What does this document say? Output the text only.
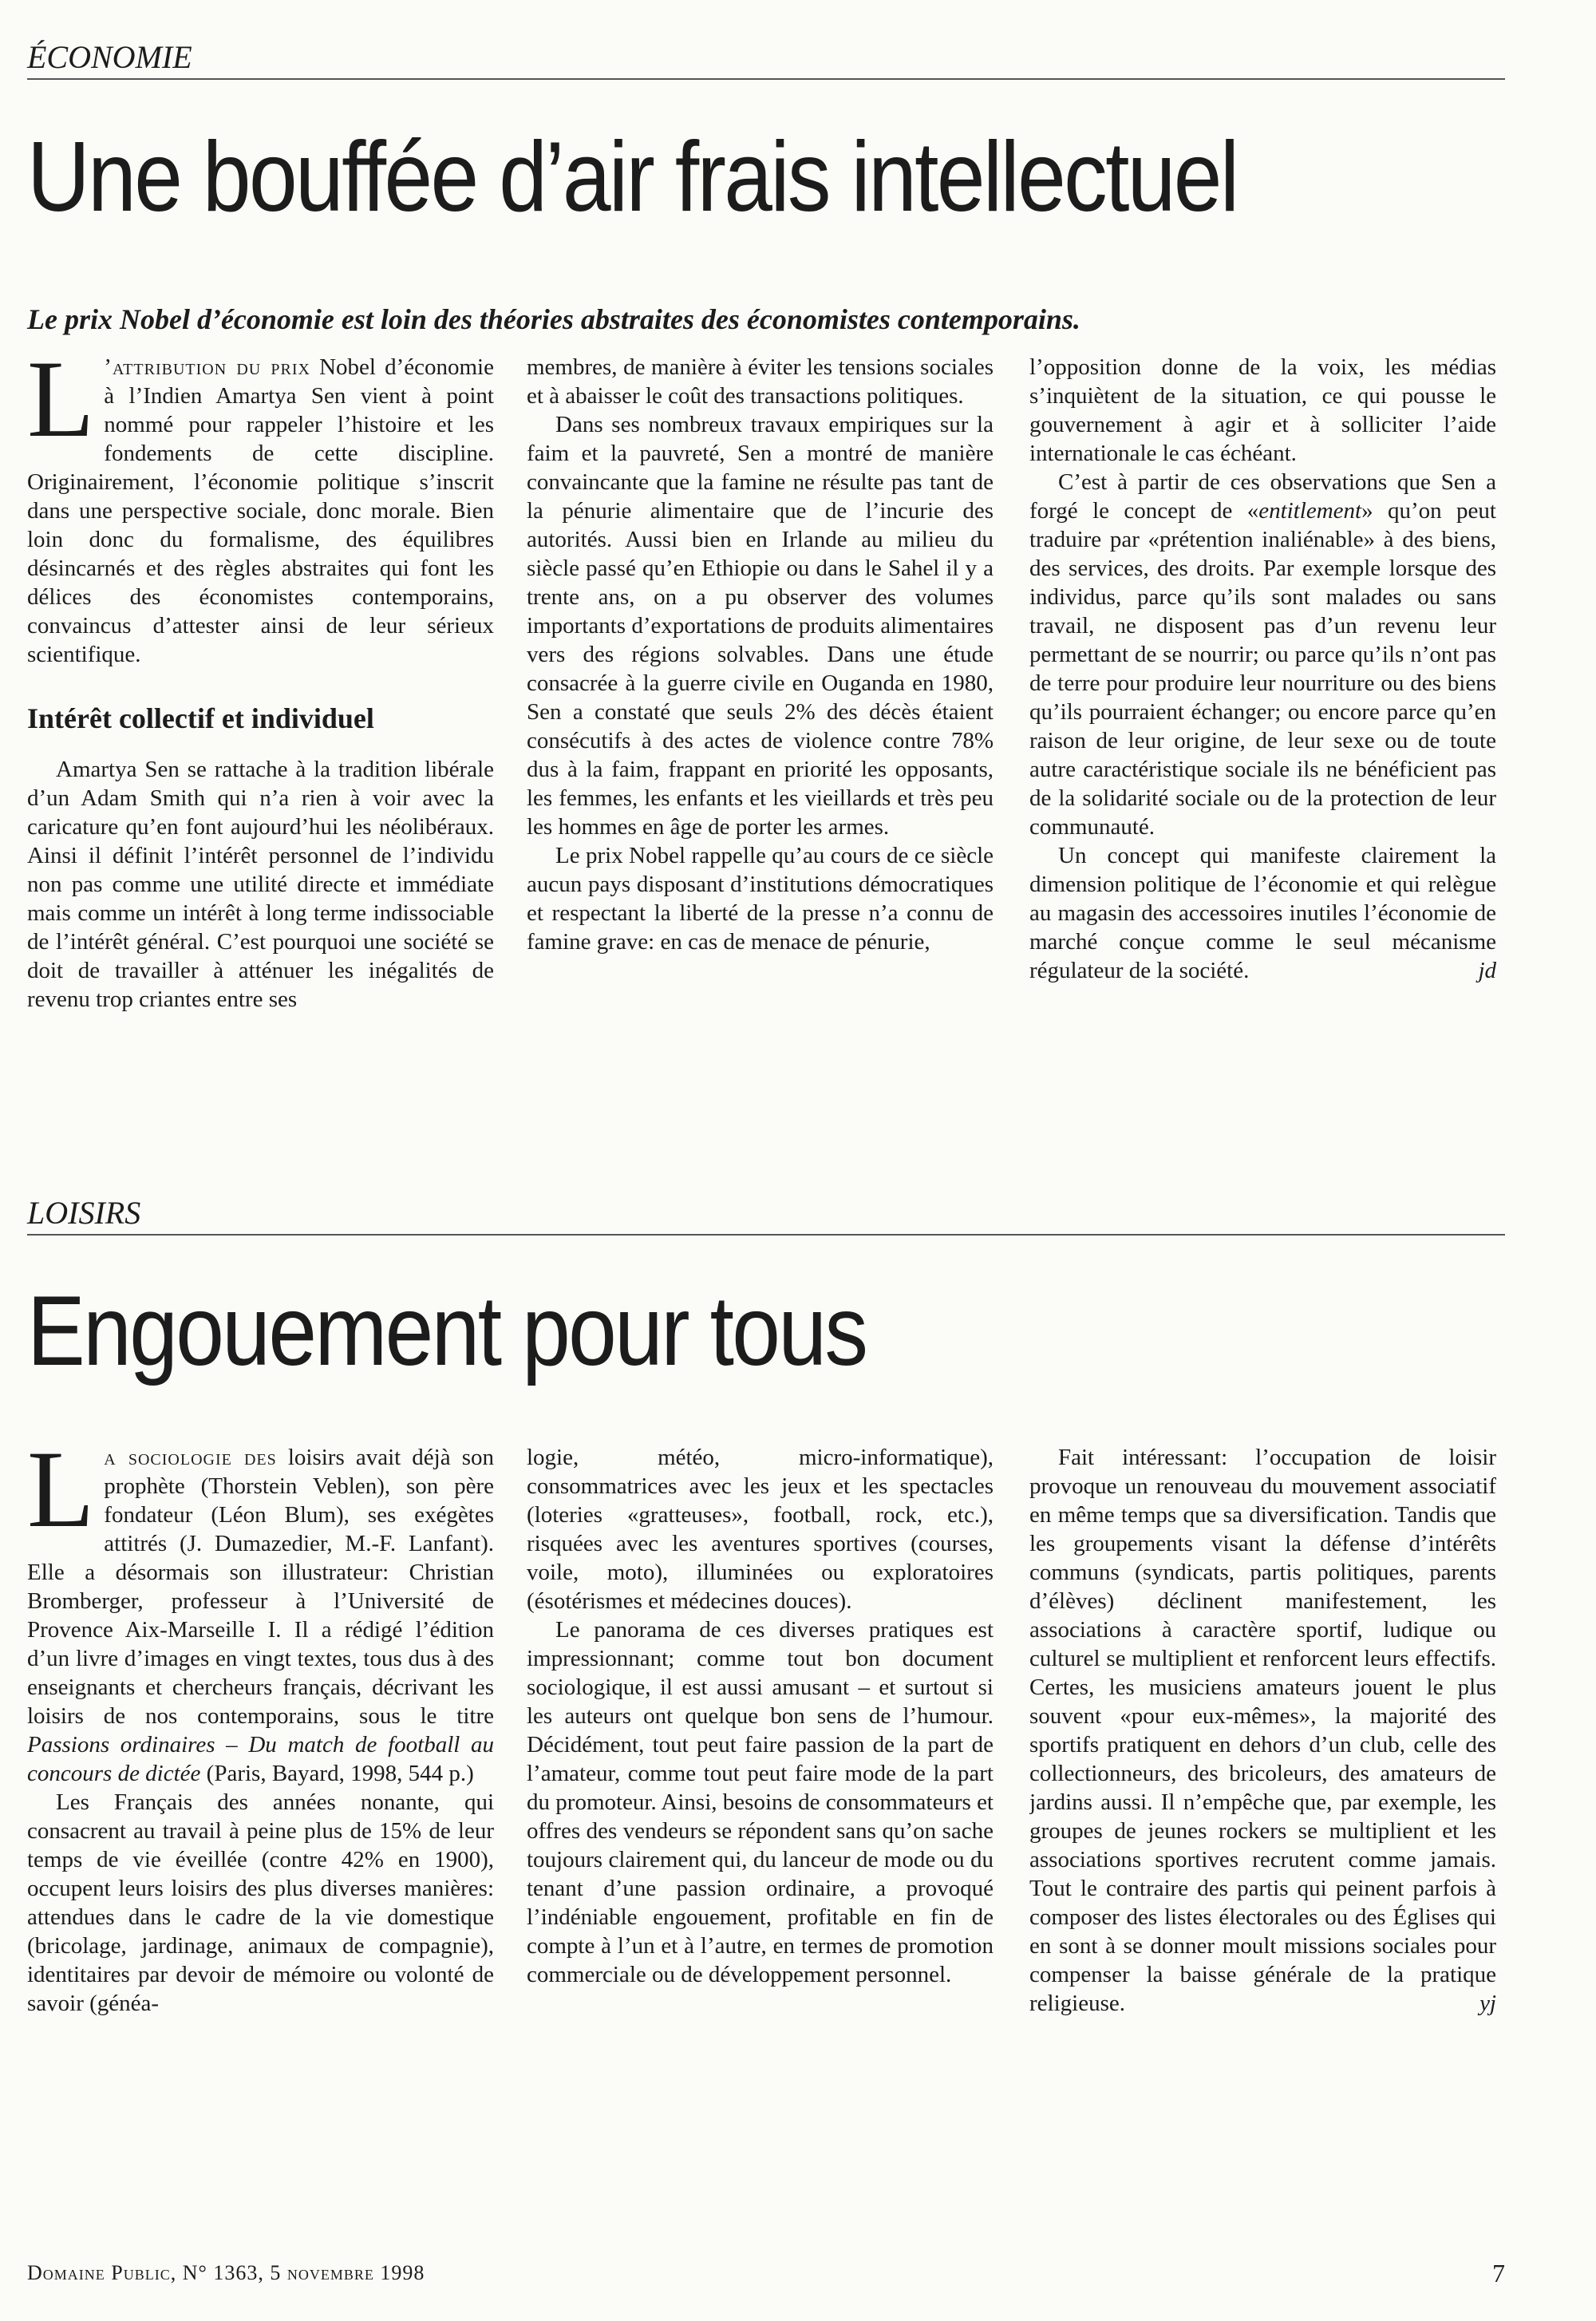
ÉCONOMIE
Une bouffée d’air frais intellectuel
Le prix Nobel d’économie est loin des théories abstraites des économistes contemporains.

L ’attribution du prix Nobel d’économie à l’Indien Amartya Sen vient à point nommé pour rappeler l’histoire et les fondements de cette discipline. Originairement, l’économie politique s’inscrit dans une perspective sociale, donc morale. Bien loin donc du formalisme, des équilibres désincarnés et des règles abstraites qui font les délices des économistes contemporains, convaincus d’attester ainsi de leur sérieux scientifique.

Intérêt collectif et individuel

Amartya Sen se rattache à la tradition libérale d’un Adam Smith qui n’a rien à voir avec la caricature qu’en font aujourd’hui les néolibéraux. Ainsi il définit l’intérêt personnel de l’individu non pas comme une utilité directe et immédiate mais comme un intérêt à long terme indissociable de l’intérêt général. C’est pourquoi une société se doit de travailler à atténuer les inégalités de revenu trop criantes entre ses

membres, de manière à éviter les tensions sociales et à abaisser le coût des transactions politiques.

Dans ses nombreux travaux empiriques sur la faim et la pauvreté, Sen a montré de manière convaincante que la famine ne résulte pas tant de la pénurie alimentaire que de l’incurie des autorités. Aussi bien en Irlande au milieu du siècle passé qu’en Ethiopie ou dans le Sahel il y a trente ans, on a pu observer des volumes importants d’exportations de produits alimentaires vers des régions solvables. Dans une étude consacrée à la guerre civile en Ouganda en 1980, Sen a constaté que seuls 2% des décès étaient consécutifs à des actes de violence contre 78% dus à la faim, frappant en priorité les opposants, les femmes, les enfants et les vieillards et très peu les hommes en âge de porter les armes.

Le prix Nobel rappelle qu’au cours de ce siècle aucun pays disposant d’institutions démocratiques et respectant la liberté de la presse n’a connu de famine grave: en cas de menace de pénurie,

l’opposition donne de la voix, les médias s’inquiètent de la situation, ce qui pousse le gouvernement à agir et à solliciter l’aide internationale le cas échéant.

C’est à partir de ces observations que Sen a forgé le concept de «entitlement» qu’on peut traduire par «prétention inaliénable» à des biens, des services, des droits. Par exemple lorsque des individus, parce qu’ils sont malades ou sans travail, ne disposent pas d’un revenu leur permettant de se nourrir; ou parce qu’ils n’ont pas de terre pour produire leur nourriture ou des biens qu’ils pourraient échanger; ou encore parce qu’en raison de leur origine, de leur sexe ou de toute autre caractéristique sociale ils ne bénéficient pas de la solidarité sociale ou de la protection de leur communauté.

Un concept qui manifeste clairement la dimension politique de l’économie et qui relègue au magasin des accessoires inutiles l’économie de marché conçue comme le seul mécanisme régulateur de la société.	jd

LOISIRS
Engouement pour tous

La sociologie des loisirs avait déjà son prophète (Thorstein Veblen), son père fondateur (Léon Blum), ses exégètes attitrés (J. Dumazedier, M.-F. Lanfant). Elle a désormais son illustrateur: Christian Bromberger, professeur à l’Université de Provence Aix-Marseille I. Il a rédigé l’édition d’un livre d’images en vingt textes, tous dus à des enseignants et chercheurs français, décrivant les loisirs de nos contemporains, sous le titre Passions ordinaires – Du match de football au concours de dictée (Paris, Bayard, 1998, 544 p.)

Les Français des années nonante, qui consacrent au travail à peine plus de 15% de leur temps de vie éveillée (contre 42% en 1900), occupent leurs loisirs des plus diverses manières: attendues dans le cadre de la vie domestique (bricolage, jardinage, animaux de compagnie), identitaires par devoir de mémoire ou volonté de savoir (généa-

logie, météo, micro-informatique), consommatrices avec les jeux et les spectacles (loteries «gratteuses», football, rock, etc.), risquées avec les aventures sportives (courses, voile, moto), illuminées ou exploratoires (ésotérismes et médecines douces).

Le panorama de ces diverses pratiques est impressionnant; comme tout bon document sociologique, il est aussi amusant – et surtout si les auteurs ont quelque bon sens de l’humour. Décidément, tout peut faire passion de la part de l’amateur, comme tout peut faire mode de la part du promoteur. Ainsi, besoins de consommateurs et offres des vendeurs se répondent sans qu’on sache toujours clairement qui, du lanceur de mode ou du tenant d’une passion ordinaire, a provoqué l’indéniable engouement, profitable en fin de compte à l’un et à l’autre, en termes de promotion commerciale ou de développement personnel.

Fait intéressant: l’occupation de loisir provoque un renouveau du mouvement associatif en même temps que sa diversification. Tandis que les groupements visant la défense d’intérêts communs (syndicats, partis politiques, parents d’élèves) déclinent manifestement, les associations à caractère sportif, ludique ou culturel se multiplient et renforcent leurs effectifs. Certes, les musiciens amateurs jouent le plus souvent «pour eux-mêmes», la majorité des sportifs pratiquent en dehors d’un club, celle des collectionneurs, des bricoleurs, des amateurs de jardins aussi. Il n’empêche que, par exemple, les groupes de jeunes rockers se multiplient et les associations sportives recrutent comme jamais. Tout le contraire des partis qui peinent parfois à composer des listes électorales ou des Églises qui en sont à se donner moult missions sociales pour compenser la baisse générale de la pratique religieuse.	yj

Domaine Public, N° 1363, 5 novembre 1998	7
